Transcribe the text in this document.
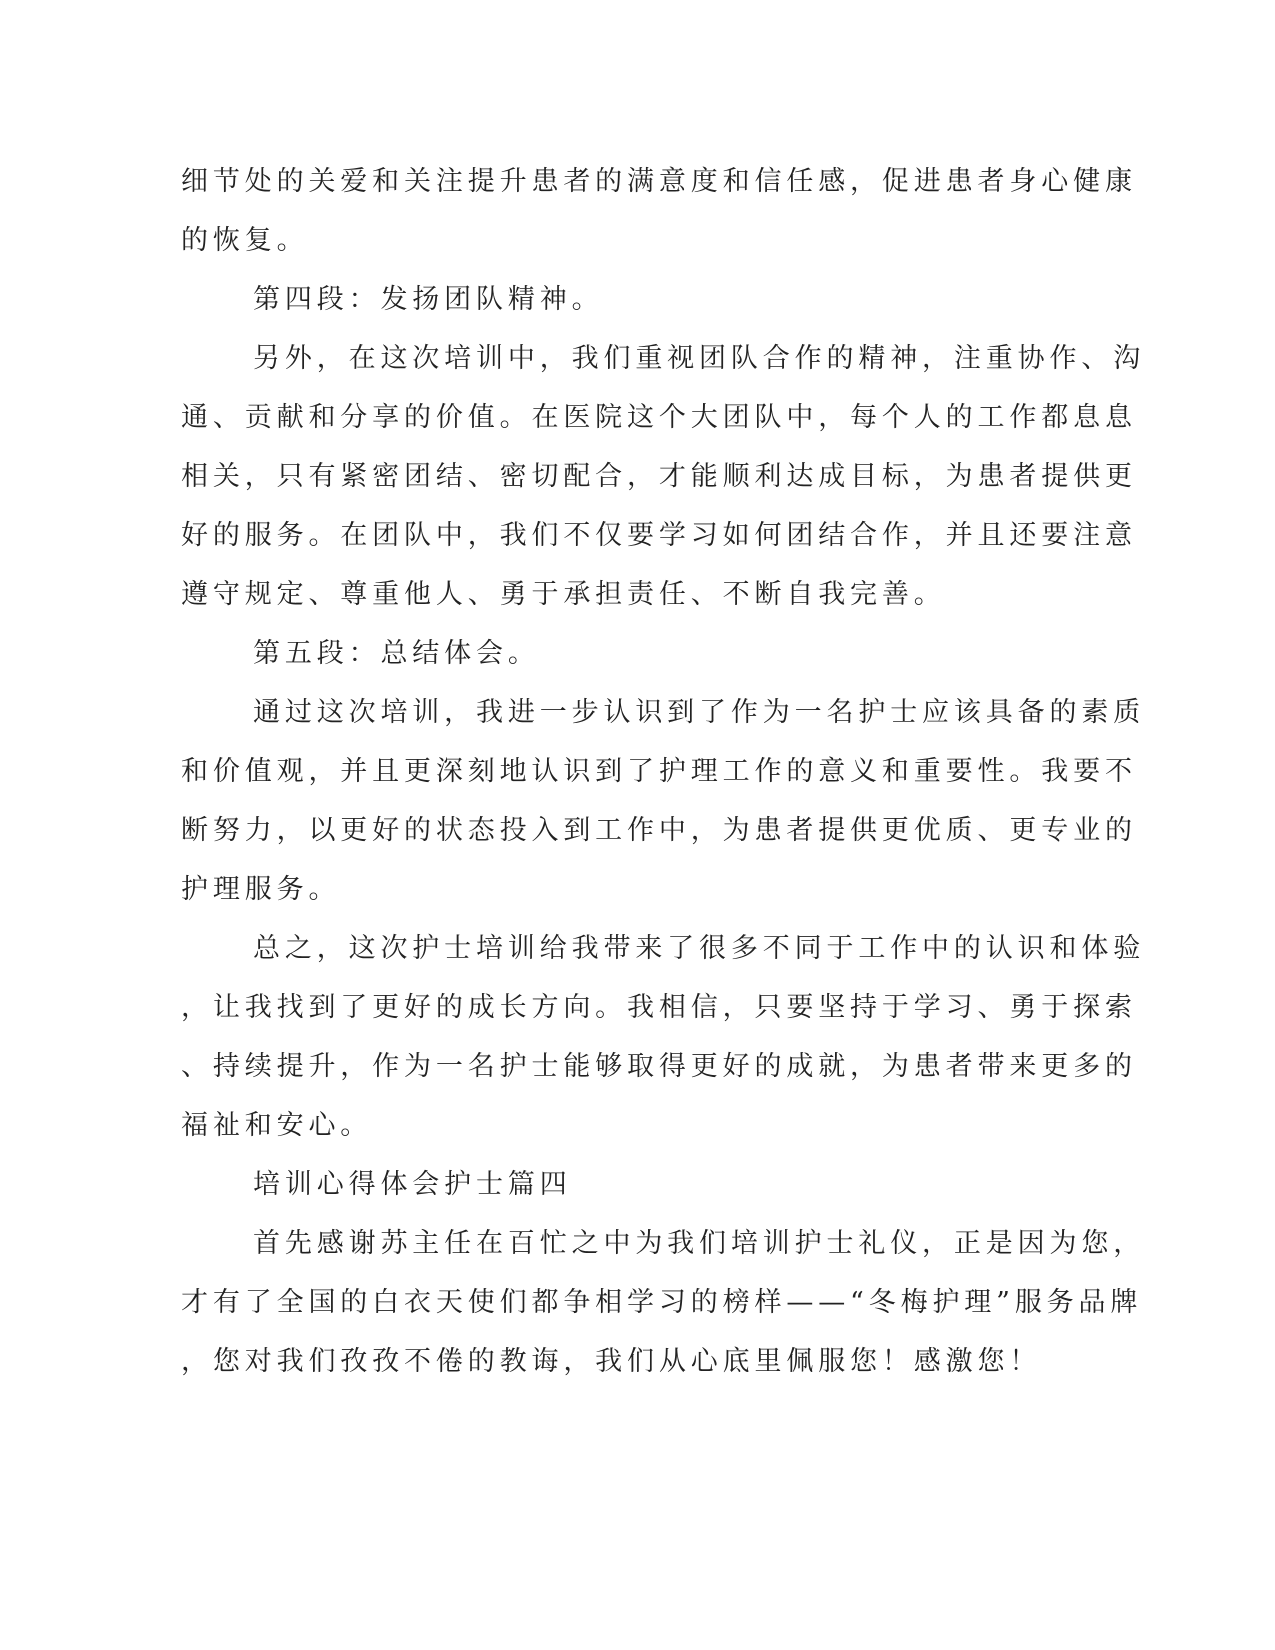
细节处的关爱和关注提升患者的满意度和信任感，促进患者身心健康
的恢复。
第四段：发扬团队精神。
另外，在这次培训中，我们重视团队合作的精神，注重协作、沟
通、贡献和分享的价值。在医院这个大团队中，每个人的工作都息息
相关，只有紧密团结、密切配合，才能顺利达成目标，为患者提供更
好的服务。在团队中，我们不仅要学习如何团结合作，并且还要注意
遵守规定、尊重他人、勇于承担责任、不断自我完善。
第五段：总结体会。
通过这次培训，我进一步认识到了作为一名护士应该具备的素质
和价值观，并且更深刻地认识到了护理工作的意义和重要性。我要不
断努力，以更好的状态投入到工作中，为患者提供更优质、更专业的
护理服务。
总之，这次护士培训给我带来了很多不同于工作中的认识和体验
，让我找到了更好的成长方向。我相信，只要坚持于学习、勇于探索
、持续提升，作为一名护士能够取得更好的成就，为患者带来更多的
福祉和安心。
培训心得体会护士篇四
首先感谢苏主任在百忙之中为我们培训护士礼仪，正是因为您，
才有了全国的白衣天使们都争相学习的榜样——“冬梅护理”服务品牌
，您对我们孜孜不倦的教诲，我们从心底里佩服您！感激您！
